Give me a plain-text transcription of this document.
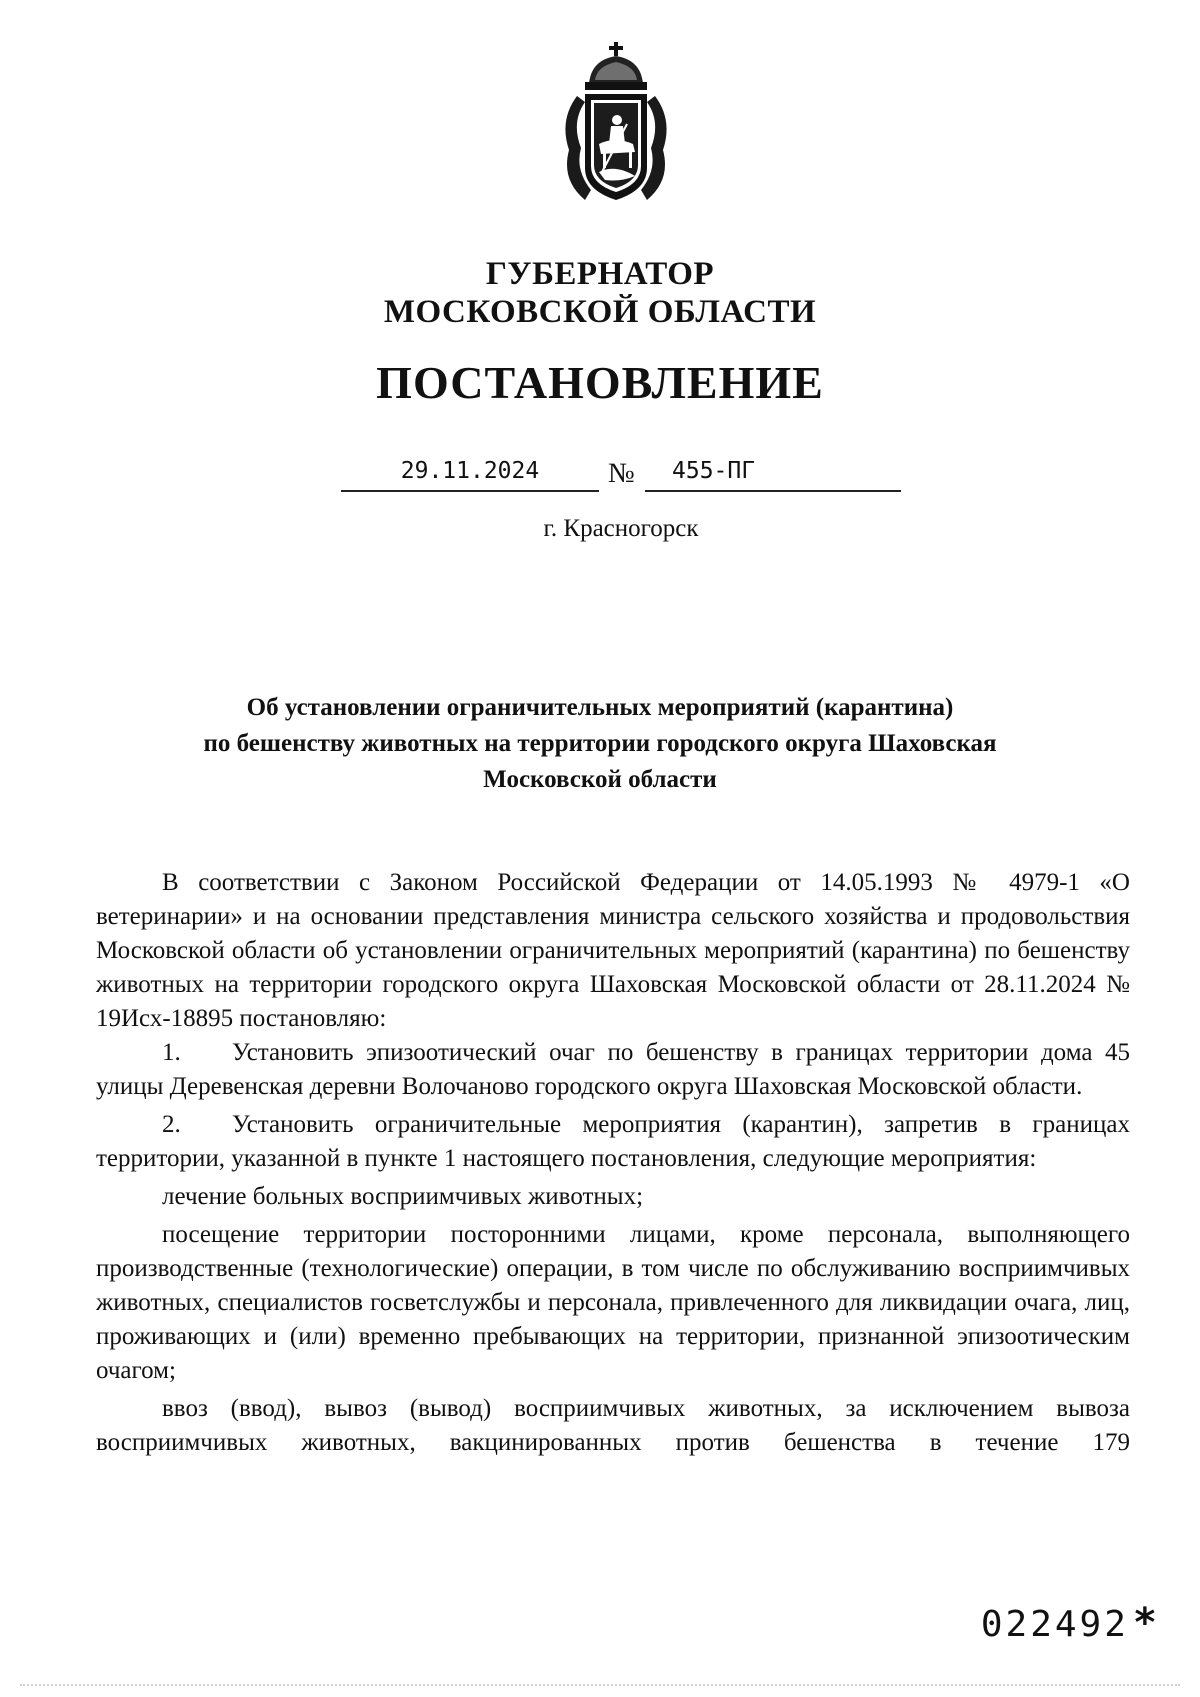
ГУБЕРНАТОР
МОСКОВСКОЙ ОБЛАСТИ
ПОСТАНОВЛЕНИЕ
29.11.2024	№ 455-ПГ
г. Красногорск
Об установлении ограничительных мероприятий (карантина)
по бешенству животных на территории городского округа Шаховская
Московской области

В соответствии с Законом Российской Федерации от 14.05.1993 № 4979-1 «О ветеринарии» и на основании представления министра сельского хозяйства и продовольствия Московской области об установлении ограничительных мероприятий (карантина) по бешенству животных на территории городского округа Шаховская Московской области от 28.11.2024 № 19Исх-18895 постановляю:

1. Установить эпизоотический очаг по бешенству в границах территории дома 45 улицы Деревенская деревни Волочаново городского округа Шаховская Московской области.

2. Установить ограничительные мероприятия (карантин), запретив в границах территории, указанной в пункте 1 настоящего постановления, следующие мероприятия:

лечение больных восприимчивых животных;

посещение территории посторонними лицами, кроме персонала, выполняющего производственные (технологические) операции, в том числе по обслуживанию восприимчивых животных, специалистов госветслужбы и персонала, привлеченного для ликвидации очага, лиц, проживающих и (или) временно пребывающих на территории, признанной эпизоотическим очагом;

ввоз (ввод), вывоз (вывод) восприимчивых животных, за исключением вывоза восприимчивых животных, вакцинированных против бешенства в течение 179

022492 *
